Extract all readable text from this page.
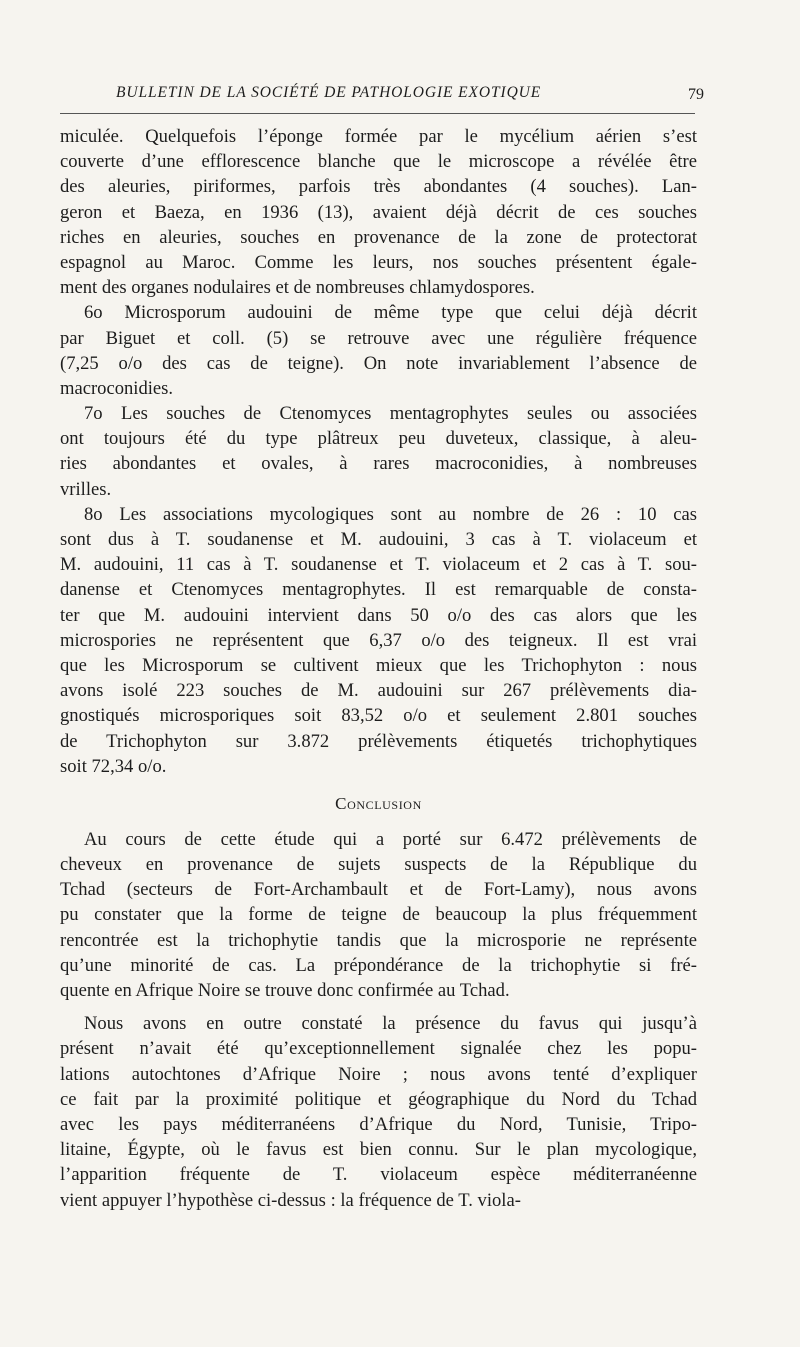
BULLETIN DE LA SOCIÉTÉ DE PATHOLOGIE EXOTIQUE	79
miculée. Quelquefois l’éponge formée par le mycélium aérien s’est
couverte d’une efflorescence blanche que le microscope a révélée être
des aleuries, piriformes, parfois très abondantes (4 souches). Lan-
geron et Baeza, en 1936 (13), avaient déjà décrit de ces souches
riches en aleuries, souches en provenance de la zone de protectorat
espagnol au Maroc. Comme les leurs, nos souches présentent égale-
ment des organes nodulaires et de nombreuses chlamydospores.
6o Microsporum audouini de même type que celui déjà décrit
par Biguet et coll. (5) se retrouve avec une régulière fréquence
(7,25 o/o des cas de teigne). On note invariablement l’absence de
macroconidies.
7o Les souches de Ctenomyces mentagrophytes seules ou associées
ont toujours été du type plâtreux peu duveteux, classique, à aleu-
ries abondantes et ovales, à rares macroconidies, à nombreuses
vrilles.
8o Les associations mycologiques sont au nombre de 26 : 10 cas
sont dus à T. soudanense et M. audouini, 3 cas à T. violaceum et
M. audouini, 11 cas à T. soudanense et T. violaceum et 2 cas à T. sou-
danense et Ctenomyces mentagrophytes. Il est remarquable de consta-
ter que M. audouini intervient dans 50 o/o des cas alors que les
microspories ne représentent que 6,37 o/o des teigneux. Il est vrai
que les Microsporum se cultivent mieux que les Trichophyton : nous
avons isolé 223 souches de M. audouini sur 267 prélèvements dia-
gnostiqués microsporiques soit 83,52 o/o et seulement 2.801 souches
de Trichophyton sur 3.872 prélèvements étiquetés trichophytiques
soit 72,34 o/o.
Conclusion
Au cours de cette étude qui a porté sur 6.472 prélèvements de
cheveux en provenance de sujets suspects de la République du
Tchad (secteurs de Fort-Archambault et de Fort-Lamy), nous avons
pu constater que la forme de teigne de beaucoup la plus fréquemment
rencontrée est la trichophytie tandis que la microsporie ne représente
qu’une minorité de cas. La prépondérance de la trichophytie si fré-
quente en Afrique Noire se trouve donc confirmée au Tchad.
Nous avons en outre constaté la présence du favus qui jusqu’à
présent n’avait été qu’exceptionnellement signalée chez les popu-
lations autochtones d’Afrique Noire ; nous avons tenté d’expliquer
ce fait par la proximité politique et géographique du Nord du Tchad
avec les pays méditerranéens d’Afrique du Nord, Tunisie, Tripo-
litaine, Égypte, où le favus est bien connu. Sur le plan mycologique,
l’apparition fréquente de T. violaceum espèce méditerranéenne
vient appuyer l’hypothèse ci-dessus : la fréquence de T. viola-
